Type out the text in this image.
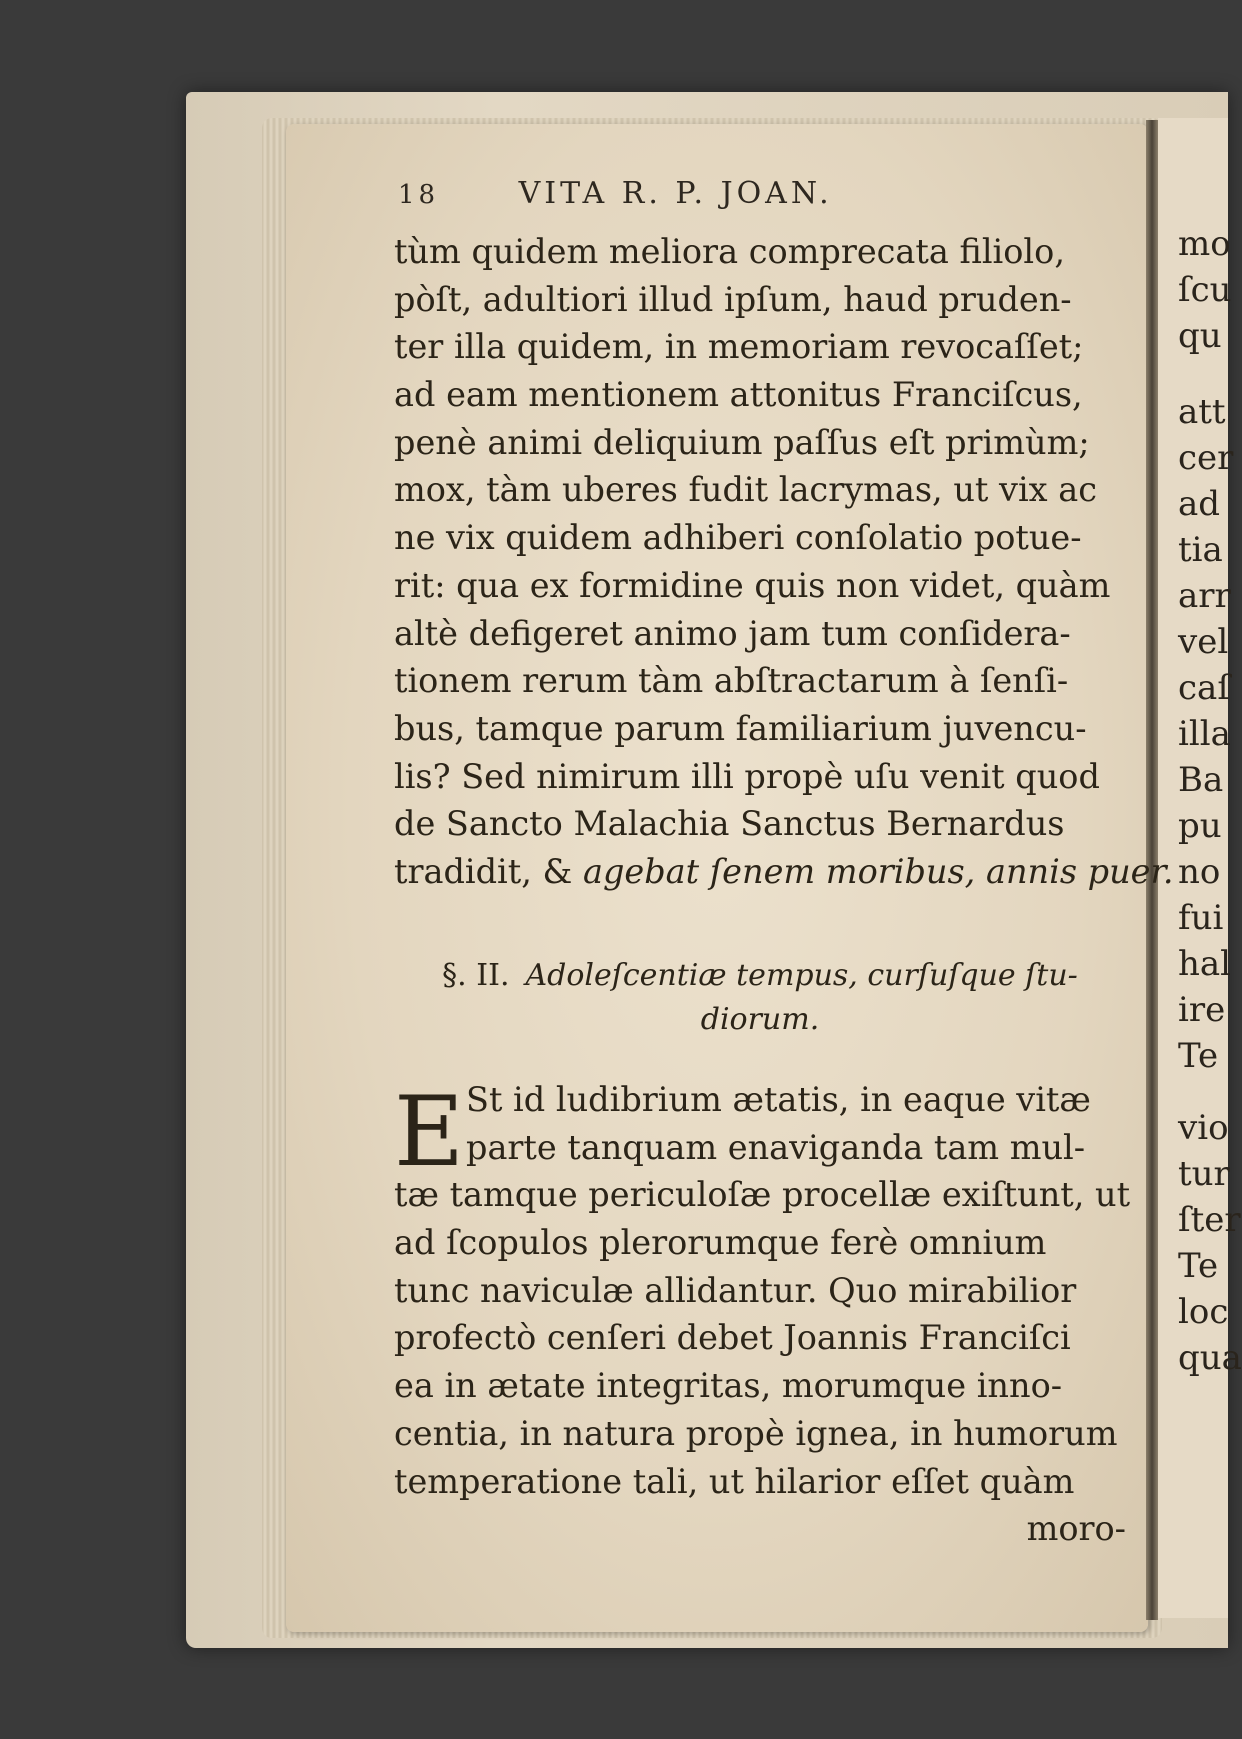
mo
ſcu
qu
att
cer
ad
tia
arr
vel
caſ
illa
Ba
pu
no
fui
hal
ire
Te
vio
tur
ſter
Te
loc
qua
18	VITA R. P. JOAN.
tùm quidem meliora comprecata filiolo,
pòſt, adultiori illud ipſum, haud pruden-
ter illa quidem, in memoriam revocaſſet;
ad eam mentionem attonitus Franciſcus,
penè animi deliquium paſſus eſt primùm;
mox, tàm uberes fudit lacrymas, ut vix ac
ne vix quidem adhiberi conſolatio potue-
rit: qua ex formidine quis non videt, quàm
altè defigeret animo jam tum conſidera-
tionem rerum tàm abſtractarum à ſenſi-
bus, tamque parum familiarium juvencu-
lis? Sed nimirum illi propè uſu venit quod
de Sancto Malachia Sanctus Bernardus
tradidit, & agebat ſenem moribus, annis puer.
§. II. Adoleſcentiæ tempus, curſuſque ſtu-
diorum.
E St id ludibrium ætatis, in eaque vitæ
parte tanquam enaviganda tam mul-
tæ tamque periculoſæ procellæ exiſtunt, ut
ad ſcopulos plerorumque ferè omnium
tunc naviculæ allidantur. Quo mirabilior
profectò cenſeri debet Joannis Franciſci
ea in ætate integritas, morumque inno-
centia, in natura propè ignea, in humorum
temperatione tali, ut hilarior eſſet quàm
moro-
